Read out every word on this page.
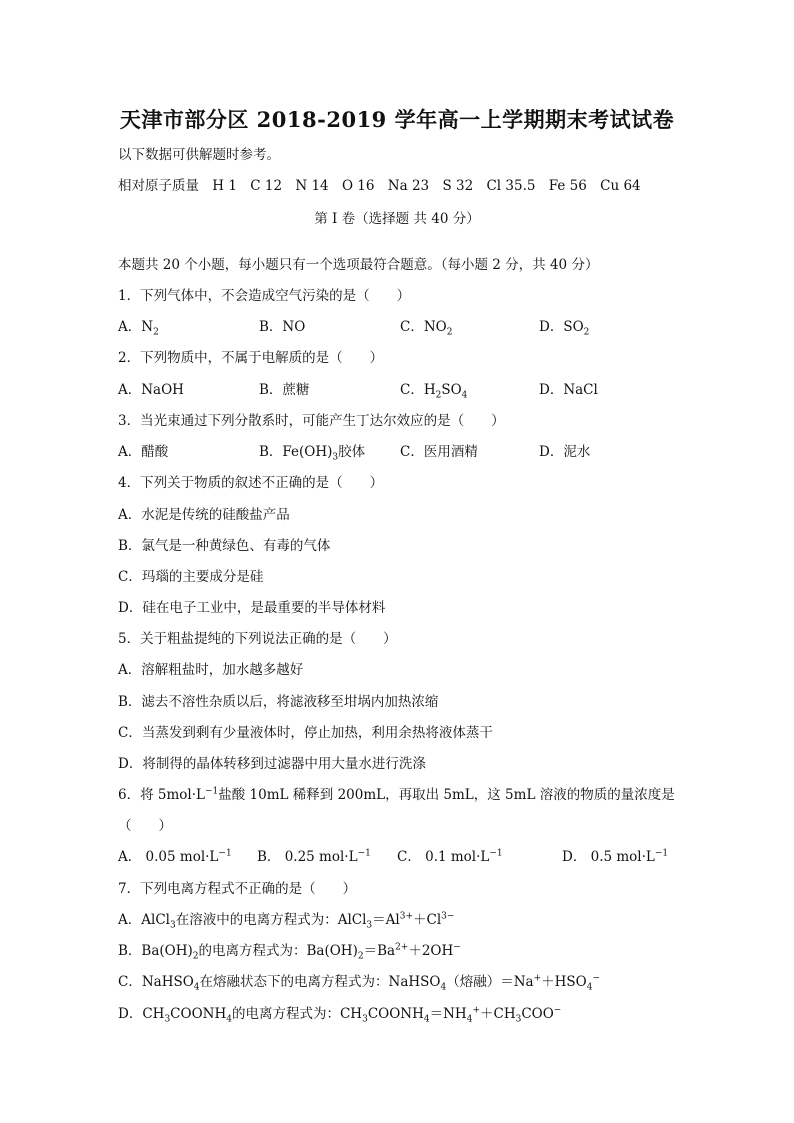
天津市部分区 2018-2019 学年高一上学期期末考试试卷
以下数据可供解题时参考。
相对原子质量 H 1 C 12 N 14 O 16 Na 23 S 32 Cl 35.5 Fe 56 Cu 64
第 I 卷（选择题 共 40 分）
本题共 20 个小题，每小题只有一个选项最符合题意。（每小题 2 分，共 40 分）
1．下列气体中，不会造成空气污染的是（　　）
A．$N_2$	B．NO	C．$NO_2$	D．$SO_2$
2．下列物质中，不属于电解质的是（　　）
A．NaOH	B．蔗糖	C．$H_2SO_4$	D．NaCl
3．当光束通过下列分散系时，可能产生丁达尔效应的是（　　）
A．醋酸	B．$Fe(OH)_3$胶体	C．医用酒精	D．泥水
4．下列关于物质的叙述不正确的是（　　）
A．水泥是传统的硅酸盐产品
B．氯气是一种黄绿色、有毒的气体
C．玛瑙的主要成分是硅
D．硅在电子工业中，是最重要的半导体材料
5．关于粗盐提纯的下列说法正确的是（　　）
A．溶解粗盐时，加水越多越好
B．滤去不溶性杂质以后，将滤液移至坩埚内加热浓缩
C．当蒸发到剩有少量液体时，停止加热，利用余热将液体蒸干
D．将制得的晶体转移到过滤器中用大量水进行洗涤
6．将 $5mol\cdot L^{-1}$盐酸 10mL 稀释到 200mL，再取出 5mL，这 5mL 溶液的物质的量浓度是
（　　）
A． 0.05 $mol\cdot L^{-1}$ B． 0.25 $mol\cdot L^{-1}$ C． 0.1 $mol\cdot L^{-1}$	D． 0.5 $mol\cdot L^{-1}$
7．下列电离方程式不正确的是（　　）
A．AlCl$_3$在溶液中的电离方程式为：$AlCl_3=Al^{3+}+Cl^{3-}$
B．$Ba(OH)_2$的电离方程式为：$Ba(OH)_2=Ba^{2+}+2OH^-$
C．NaHSO$_4$在熔融状态下的电离方程式为：NaHSO$_4$（熔融）$=Na^++HSO_4^-$
D．$CH_3COONH_4$的电离方程式为：$CH_3COONH_4=NH_4^++CH_3COO^-$
